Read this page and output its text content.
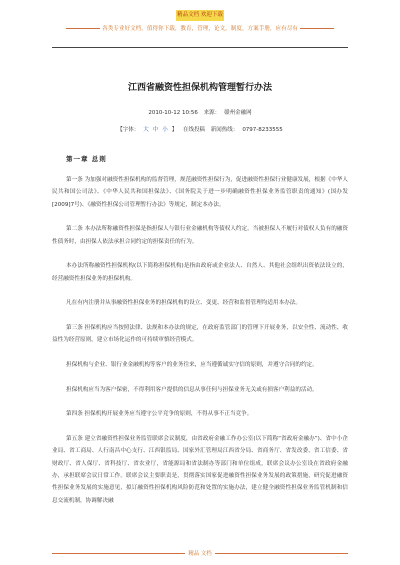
精品文档 欢迎下载
各类专业好文档，值得你下载，教育，管理，论文，制度，方案手册，应有尽有
江西省融资性担保机构管理暂行办法
2010-10-12 10:56 来源： 赣州金融网
【字体： 大 中 小 】 在线投稿 新闻热线： 0797-8233555
第一章 总则

第一条 为加强对融资性担保机构的监督管理，规范融资性担保行为，促进融资性担保行业健康发展，根据《中华人民共和国公司法》、《中华人民共和国担保法》、《国务院关于进一步明确融资性担保业务监管职责的通知》(国办发[2009]7号)、《融资性担保公司管理暂行办法》等规定，制定本办法。

第二条 本办法所称融资性担保是指担保人与银行业金融机构等债权人约定，当被担保人不履行对债权人负有的融资性债务时，由担保人依法承担合同约定的担保责任的行为。

本办法所称融资性担保机构(以下简称担保机构)是指由政府或企业法人、自然人、其他社会组织出资依法设立的，经营融资性担保业务的担保机构。

凡在有内注册并从事融资性担保业务的担保机构的设立、变更、经营和监督管理均适用本办法。

第三条 担保机构应当按照法律、法规和本办法的规定，在政府监管部门的管理下开展业务，以安全性、流动性、收益性为经营原则，建立市场化运作的可持续审慎经营模式。

担保机构与企业、银行业金融机构等客户的业务往来，应当遵循诚实守信的原则，并遵守合同的约定。

担保机构应当为客户保密，不得利用客户提供的信息从事任何与担保业务无关或有损客户利益的活动。

第四条 担保机构开展业务应当遵守公平竞争的原则，不得从事不正当竞争。

第五条 建立省融资性担保业务监管联席会议制度，由省政府金融工作办公室(以下简称“省政府金融办”)、省中小企业局、省工商局、人行南昌中心支行、江西银监局、国家外汇管理局江西省分局、省商务厅、省发改委、省工信委、省财政厅、省人保厅、省科技厅、省农业厅，省能源局和省法制办等部门和单位组成，联席会议办公室设在省政府金融办，承担联席会议日常工作。联席会议主要职责是，贯彻落实国家促进融资性担保业务发展的政策措施，研究促进融资性担保业务发展的实施意见，拟订融资性担保机构风险防范和处置的实施办法，建立健全融资性担保业务监管机制和信息交流机制，协调解决融

精品 文档
